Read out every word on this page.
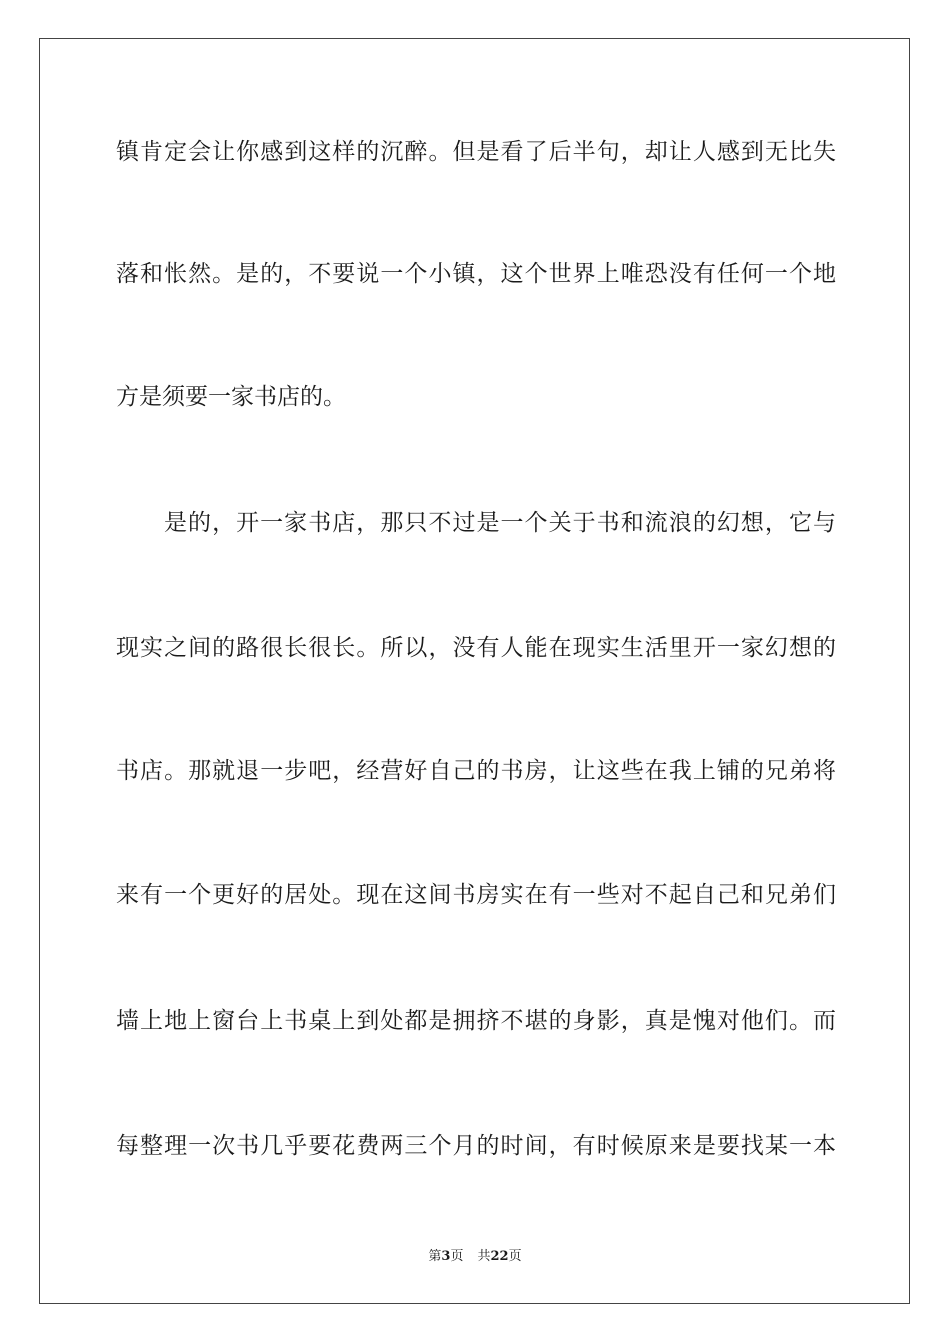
镇肯定会让你感到这样的沉醉。但是看了后半句，却让人感到无比失
落和怅然。是的，不要说一个小镇，这个世界上唯恐没有任何一个地
方是须要一家书店的。
是的，开一家书店，那只不过是一个关于书和流浪的幻想，它与
现实之间的路很长很长。所以，没有人能在现实生活里开一家幻想的
书店。那就退一步吧，经营好自己的书房，让这些在我上铺的兄弟将
来有一个更好的居处。现在这间书房实在有一些对不起自己和兄弟们
墙上地上窗台上书桌上到处都是拥挤不堪的身影，真是愧对他们。而
每整理一次书几乎要花费两三个月的时间，有时候原来是要找某一本
第3页 共22页
